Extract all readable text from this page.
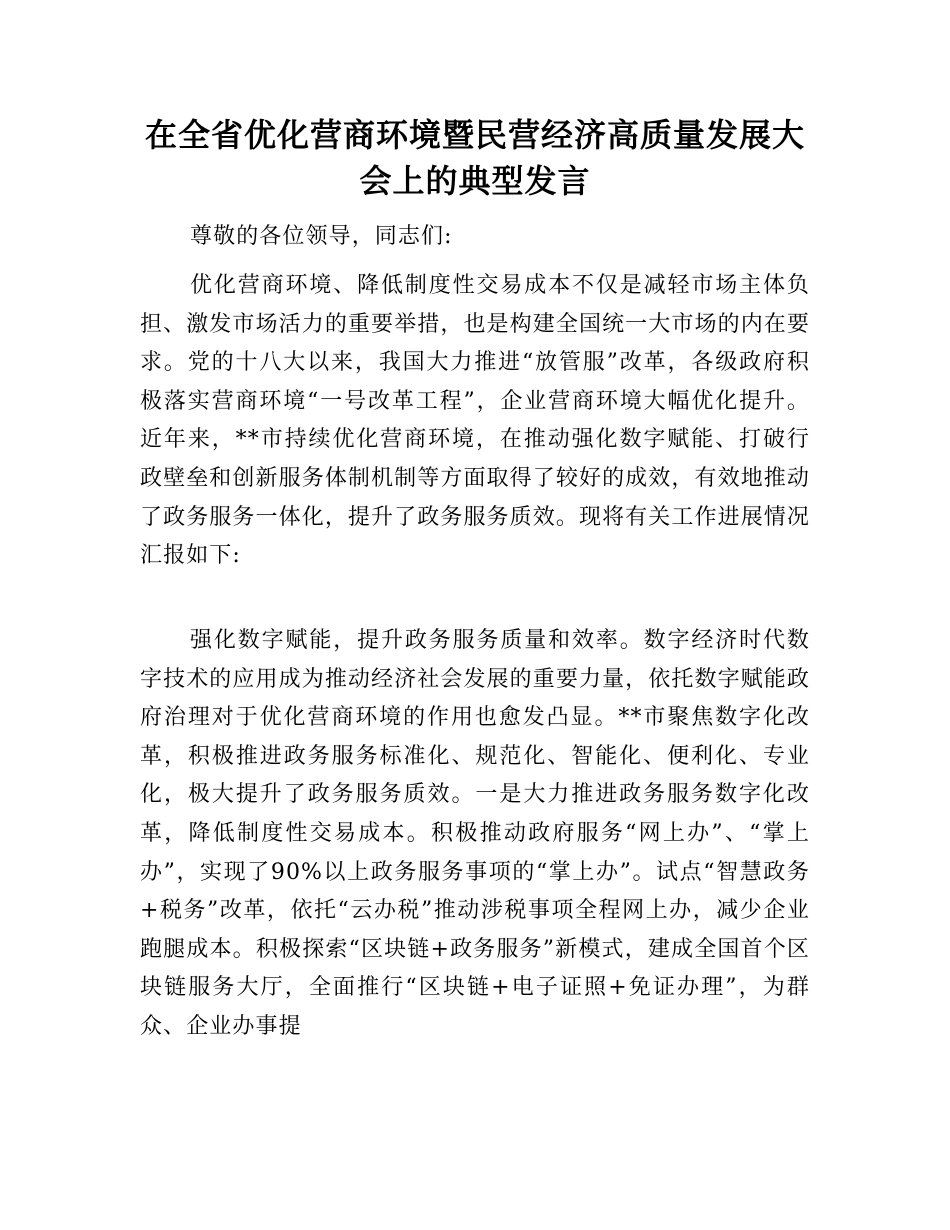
在全省优化营商环境暨民营经济高质量发展大会上的典型发言

尊敬的各位领导，同志们:

优化营商环境、降低制度性交易成本不仅是减轻市场主体负担、激发市场活力的重要举措，也是构建全国统一大市场的内在要求。党的十八大以来，我国大力推进“放管服”改革，各级政府积极落实营商环境“一号改革工程”，企业营商环境大幅优化提升。近年来，**市持续优化营商环境，在推动强化数字赋能、打破行政壁垒和创新服务体制机制等方面取得了较好的成效，有效地推动了政务服务一体化，提升了政务服务质效。现将有关工作进展情况汇报如下:

强化数字赋能，提升政务服务质量和效率。数字经济时代数字技术的应用成为推动经济社会发展的重要力量，依托数字赋能政府治理对于优化营商环境的作用也愈发凸显。**市聚焦数字化改革，积极推进政务服务标准化、规范化、智能化、便利化、专业化，极大提升了政务服务质效。一是大力推进政务服务数字化改革，降低制度性交易成本。积极推动政府服务“网上办”、“掌上办”，实现了90%以上政务服务事项的“掌上办”。试点“智慧政务+税务”改革，依托“云办税”推动涉税事项全程网上办，减少企业跑腿成本。积极探索“区块链+政务服务”新模式，建成全国首个区块链服务大厅，全面推行“区块链+电子证照+免证办理”，为群众、企业办事提
